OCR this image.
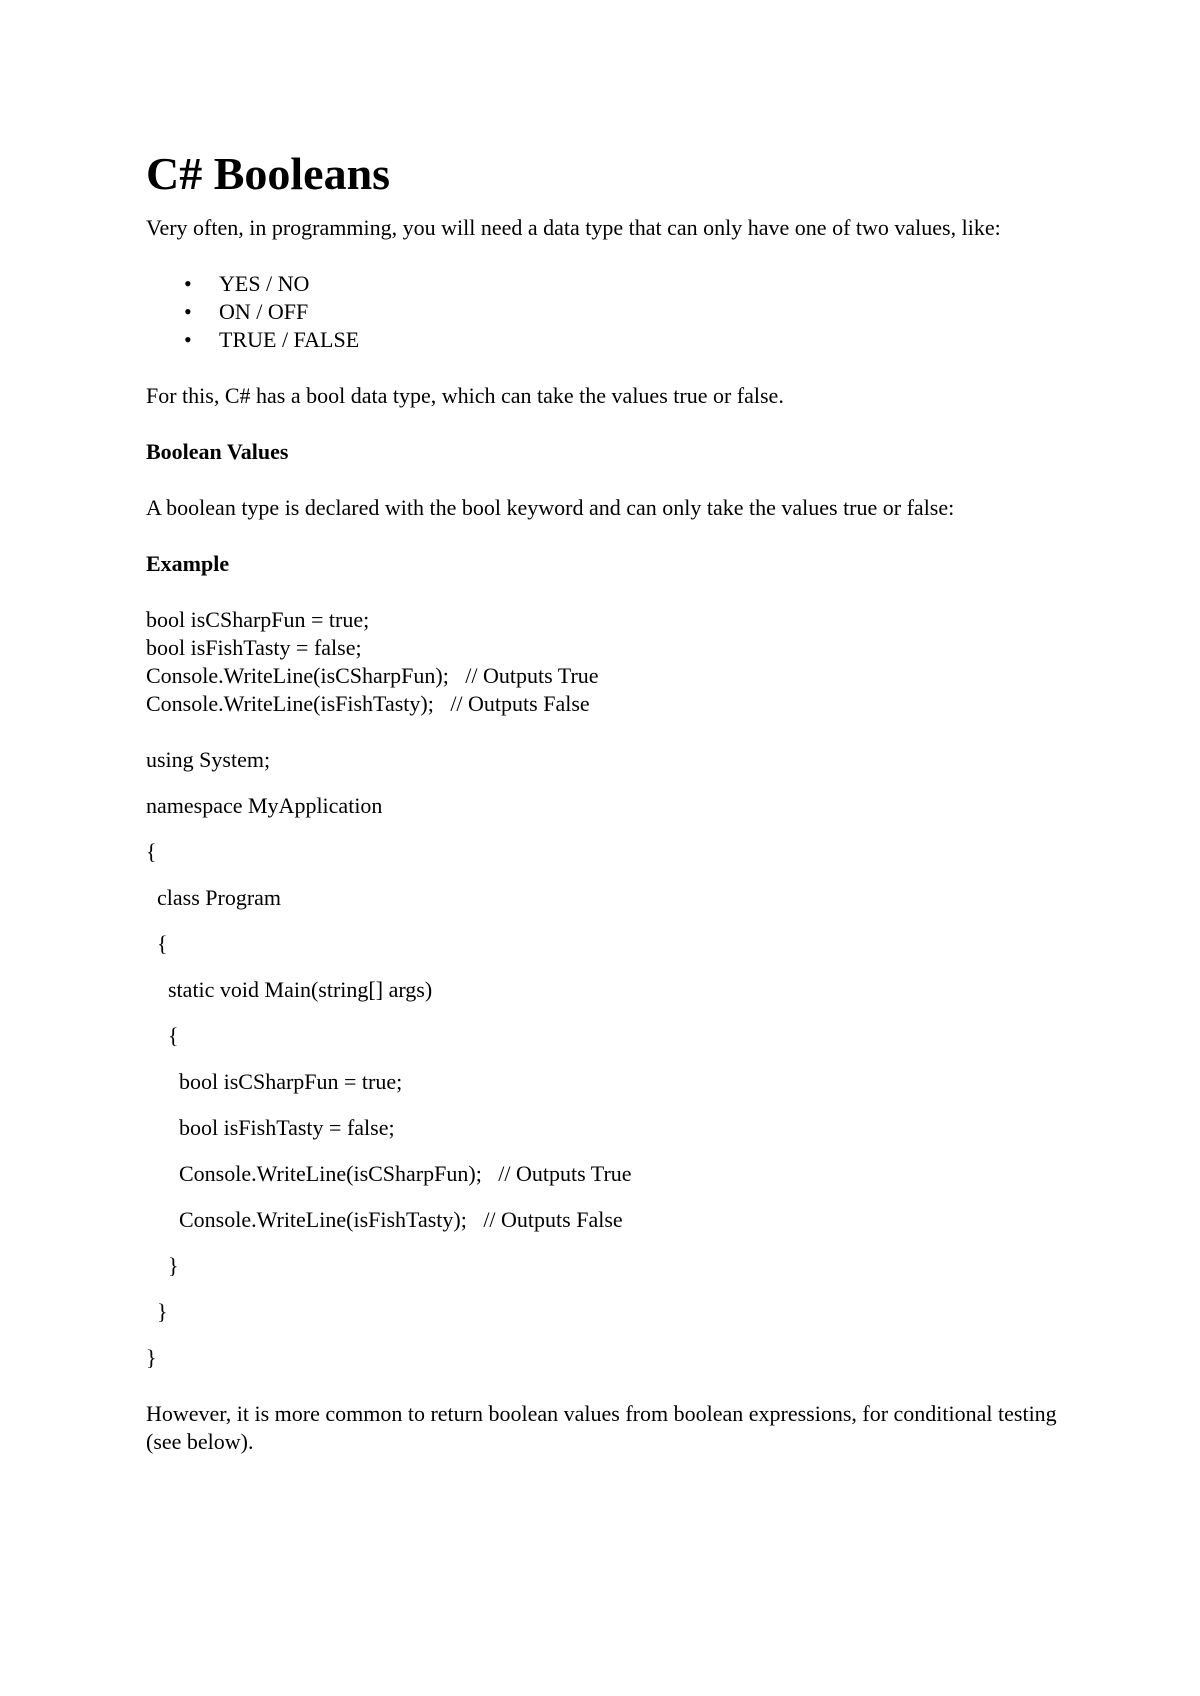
C# Booleans

Very often, in programming, you will need a data type that can only have one of two values, like:

• YES / NO
• ON / OFF
• TRUE / FALSE

For this, C# has a bool data type, which can take the values true or false.

Boolean Values

A boolean type is declared with the bool keyword and can only take the values true or false:

Example

bool isCSharpFun = true;
bool isFishTasty = false;
Console.WriteLine(isCSharpFun);   // Outputs True
Console.WriteLine(isFishTasty);   // Outputs False
using System;
namespace MyApplication
{
class Program
{
static void Main(string[] args)
{
bool isCSharpFun = true;
bool isFishTasty = false;
Console.WriteLine(isCSharpFun);   // Outputs True
Console.WriteLine(isFishTasty);   // Outputs False
}
}
}

However, it is more common to return boolean values from boolean expressions, for conditional testing (see below).
